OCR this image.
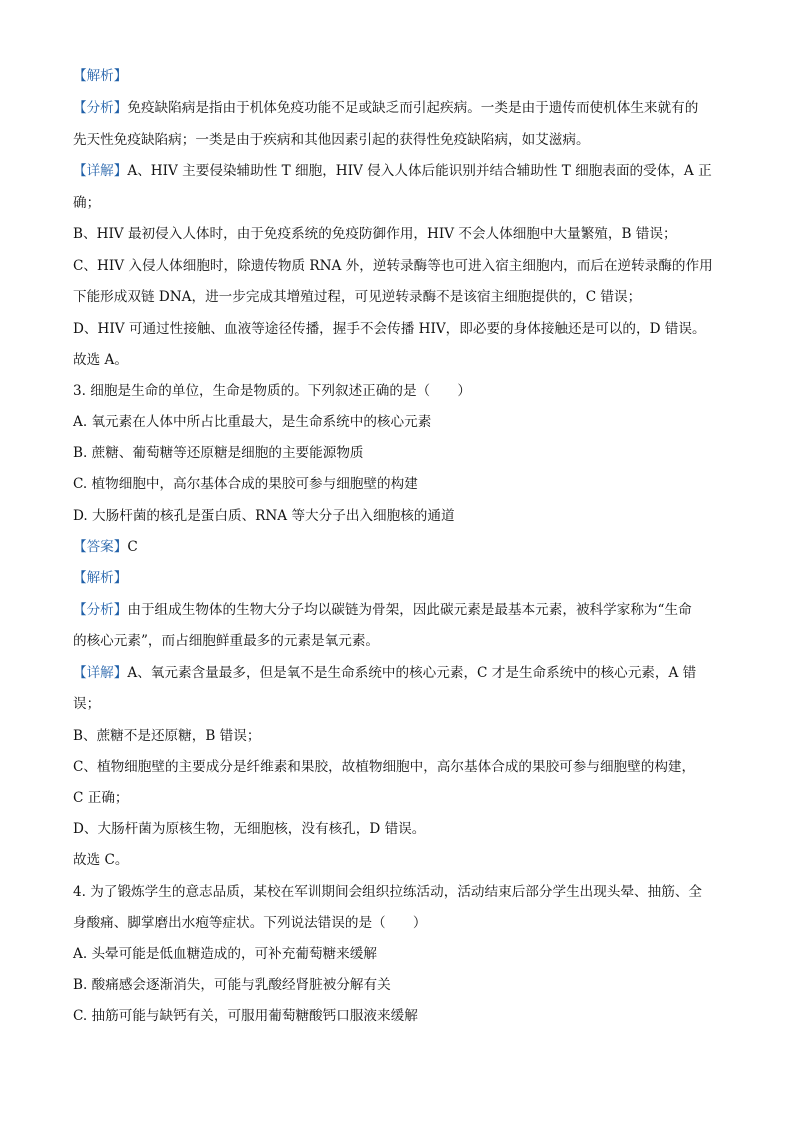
【解析】
【分析】免疫缺陷病是指由于机体免疫功能不足或缺乏而引起疾病。一类是由于遗传而使机体生来就有的
先天性免疫缺陷病；一类是由于疾病和其他因素引起的获得性免疫缺陷病，如艾滋病。
【详解】A、HIV 主要侵染辅助性 T 细胞，HIV 侵入人体后能识别并结合辅助性 T 细胞表面的受体，A 正
确；
B、HIV 最初侵入人体时，由于免疫系统的免疫防御作用，HIV 不会人体细胞中大量繁殖，B 错误；
C、HIV 入侵人体细胞时，除遗传物质 RNA 外，逆转录酶等也可进入宿主细胞内，而后在逆转录酶的作用
下能形成双链 DNA，进一步完成其增殖过程，可见逆转录酶不是该宿主细胞提供的，C 错误；
D、HIV 可通过性接触、血液等途径传播，握手不会传播 HIV，即必要的身体接触还是可以的，D 错误。
故选 A。
3. 细胞是生命的单位，生命是物质的。下列叙述正确的是（　　）
A. 氧元素在人体中所占比重最大，是生命系统中的核心元素
B. 蔗糖、葡萄糖等还原糖是细胞的主要能源物质
C. 植物细胞中，高尔基体合成的果胶可参与细胞壁的构建
D. 大肠杆菌的核孔是蛋白质、RNA 等大分子出入细胞核的通道
【答案】C
【解析】
【分析】由于组成生物体的生物大分子均以碳链为骨架，因此碳元素是最基本元素，被科学家称为“生命
的核心元素”，而占细胞鲜重最多的元素是氧元素。
【详解】A、氧元素含量最多，但是氧不是生命系统中的核心元素，C 才是生命系统中的核心元素，A 错
误；
B、蔗糖不是还原糖，B 错误；
C、植物细胞壁的主要成分是纤维素和果胶，故植物细胞中，高尔基体合成的果胶可参与细胞壁的构建，
C 正确；
D、大肠杆菌为原核生物，无细胞核，没有核孔，D 错误。
故选 C。
4. 为了锻炼学生的意志品质，某校在军训期间会组织拉练活动，活动结束后部分学生出现头晕、抽筋、全
身酸痛、脚掌磨出水疱等症状。下列说法错误的是（　　）
A. 头晕可能是低血糖造成的，可补充葡萄糖来缓解
B. 酸痛感会逐渐消失，可能与乳酸经肾脏被分解有关
C. 抽筋可能与缺钙有关，可服用葡萄糖酸钙口服液来缓解
